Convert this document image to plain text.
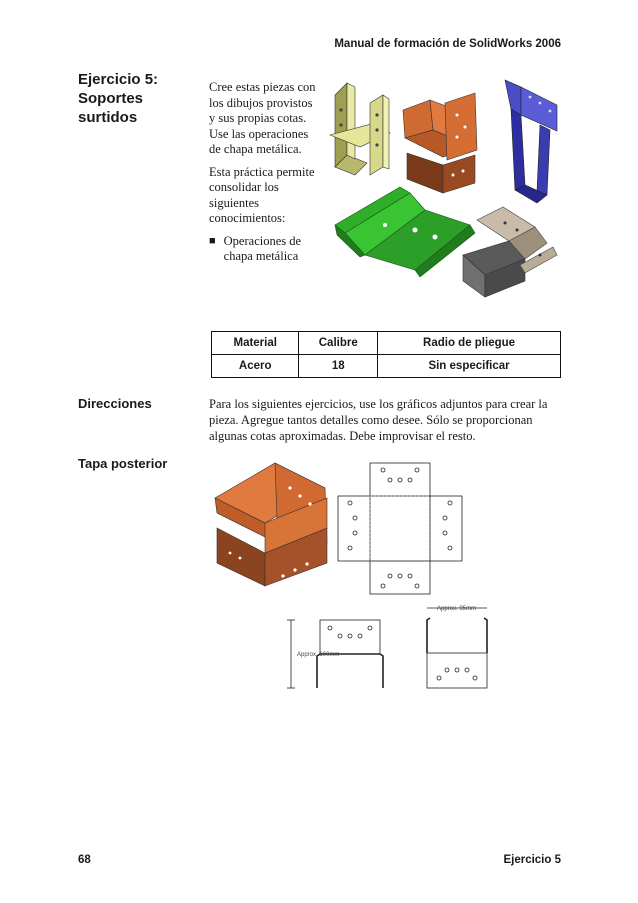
Manual de formación de SolidWorks 2006
Ejercicio 5:
Soportes
surtidos

Cree estas piezas con los dibujos provistos y sus propias cotas. Use las operaciones de chapa metálica.

Esta práctica permite consolidar los siguientes conocimientos:

■ Operaciones de chapa metálica
Material	Calibre	Radio de pliegue
Acero	18	Sin especificar
Direcciones	Para los siguientes ejercicios, use los gráficos adjuntos para crear la pieza. Agregue tantos detalles como desee. Sólo se proporcionan algunas cotas aproximadas. Debe improvisar el resto.
Tapa posterior
Approx. 100mm
Approx. 95mm
68	Ejercicio 5
